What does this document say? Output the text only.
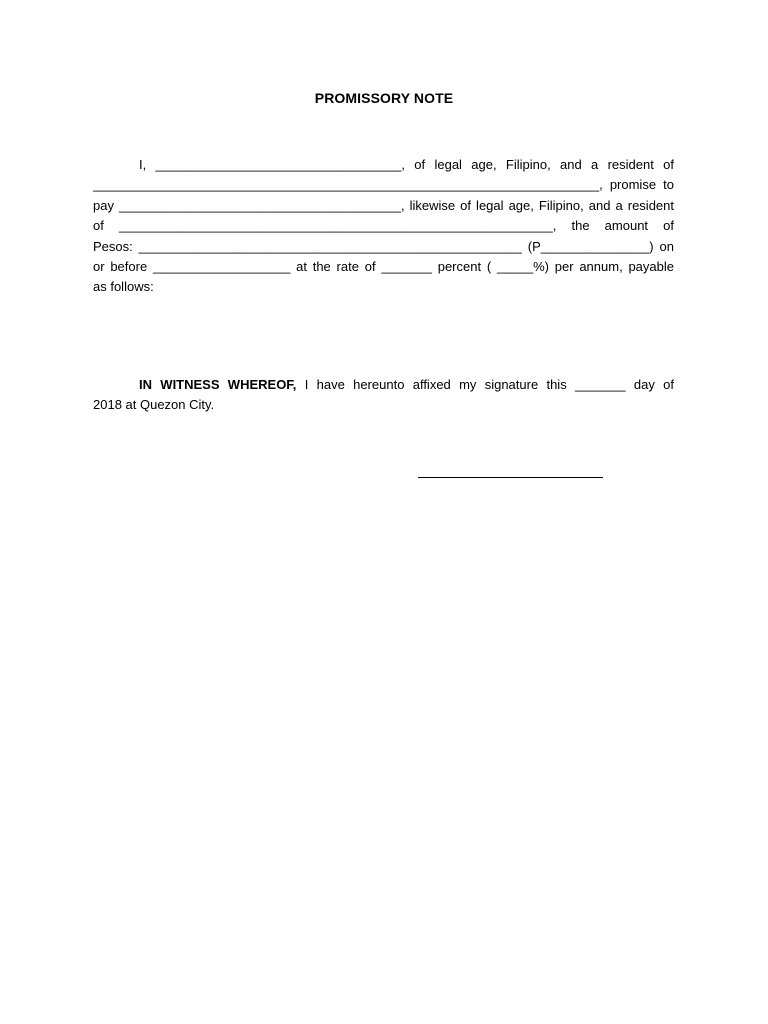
PROMISSORY NOTE
I, __________________________________, of legal age, Filipino, and a resident of
______________________________________________________________________, promise to
pay _______________________________________, likewise of legal age, Filipino, and a resident
of ____________________________________________________________, the amount of
Pesos: _____________________________________________________ (P_______________) on
or before ___________________ at the rate of _______ percent ( _____%) per annum, payable
as follows:
IN WITNESS WHEREOF, I have hereunto affixed my signature this _______ day of
2018 at Quezon City.
